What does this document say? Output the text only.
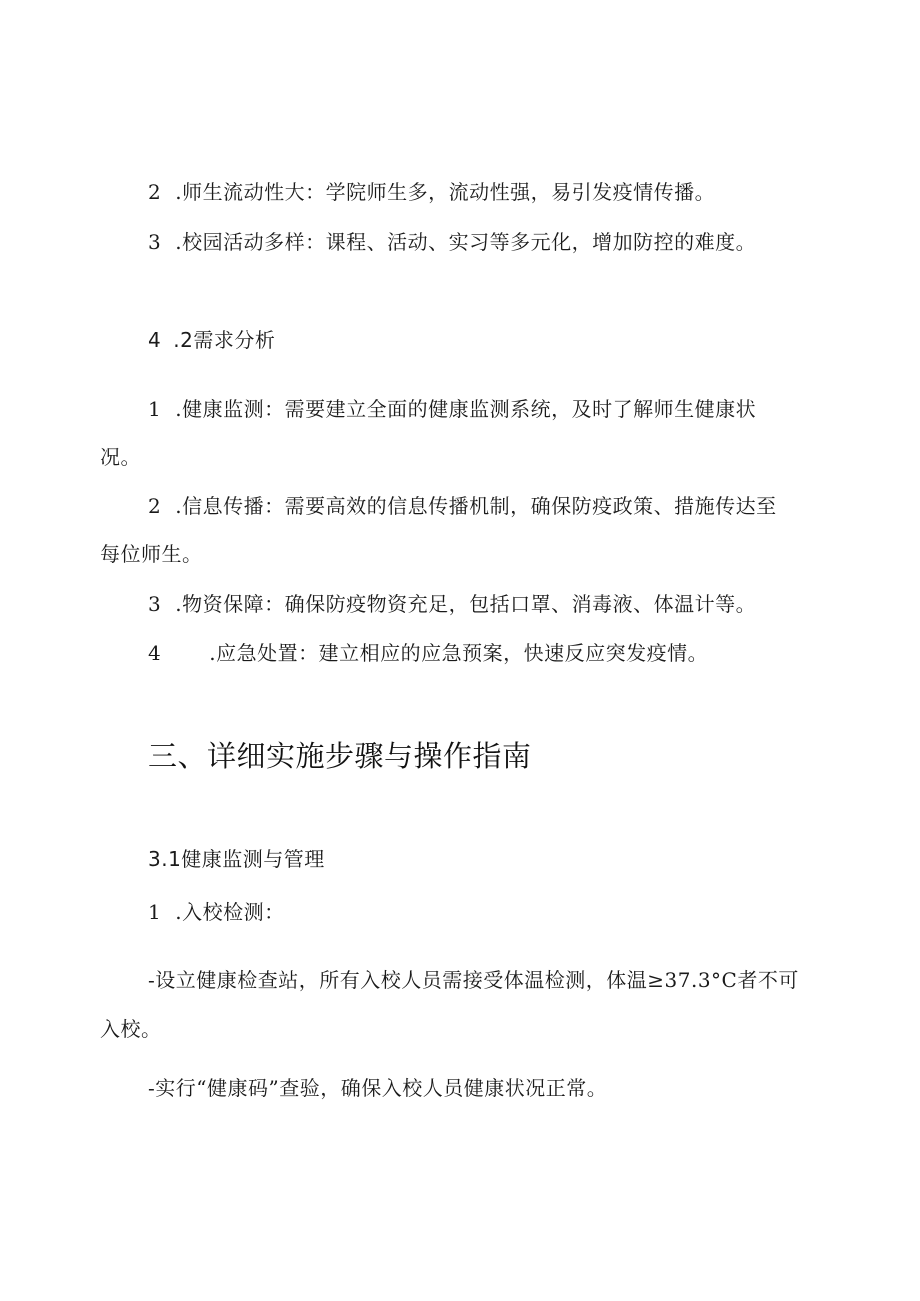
2 .师生流动性大：学院师生多，流动性强，易引发疫情传播。
3 .校园活动多样：课程、活动、实习等多元化，增加防控的难度。
4 .2需求分析
1 .健康监测：需要建立全面的健康监测系统，及时了解师生健康状
况。
2 .信息传播：需要高效的信息传播机制，确保防疫政策、措施传达至
每位师生。
3 .物资保障：确保防疫物资充足，包括口罩、消毒液、体温计等。
4 .应急处置：建立相应的应急预案，快速反应突发疫情。
三、详细实施步骤与操作指南
3.1健康监测与管理
1 .入校检测：
-设立健康检查站，所有入校人员需接受体温检测，体温≥37.3°C者不可
入校。
-实行“健康码”查验，确保入校人员健康状况正常。
